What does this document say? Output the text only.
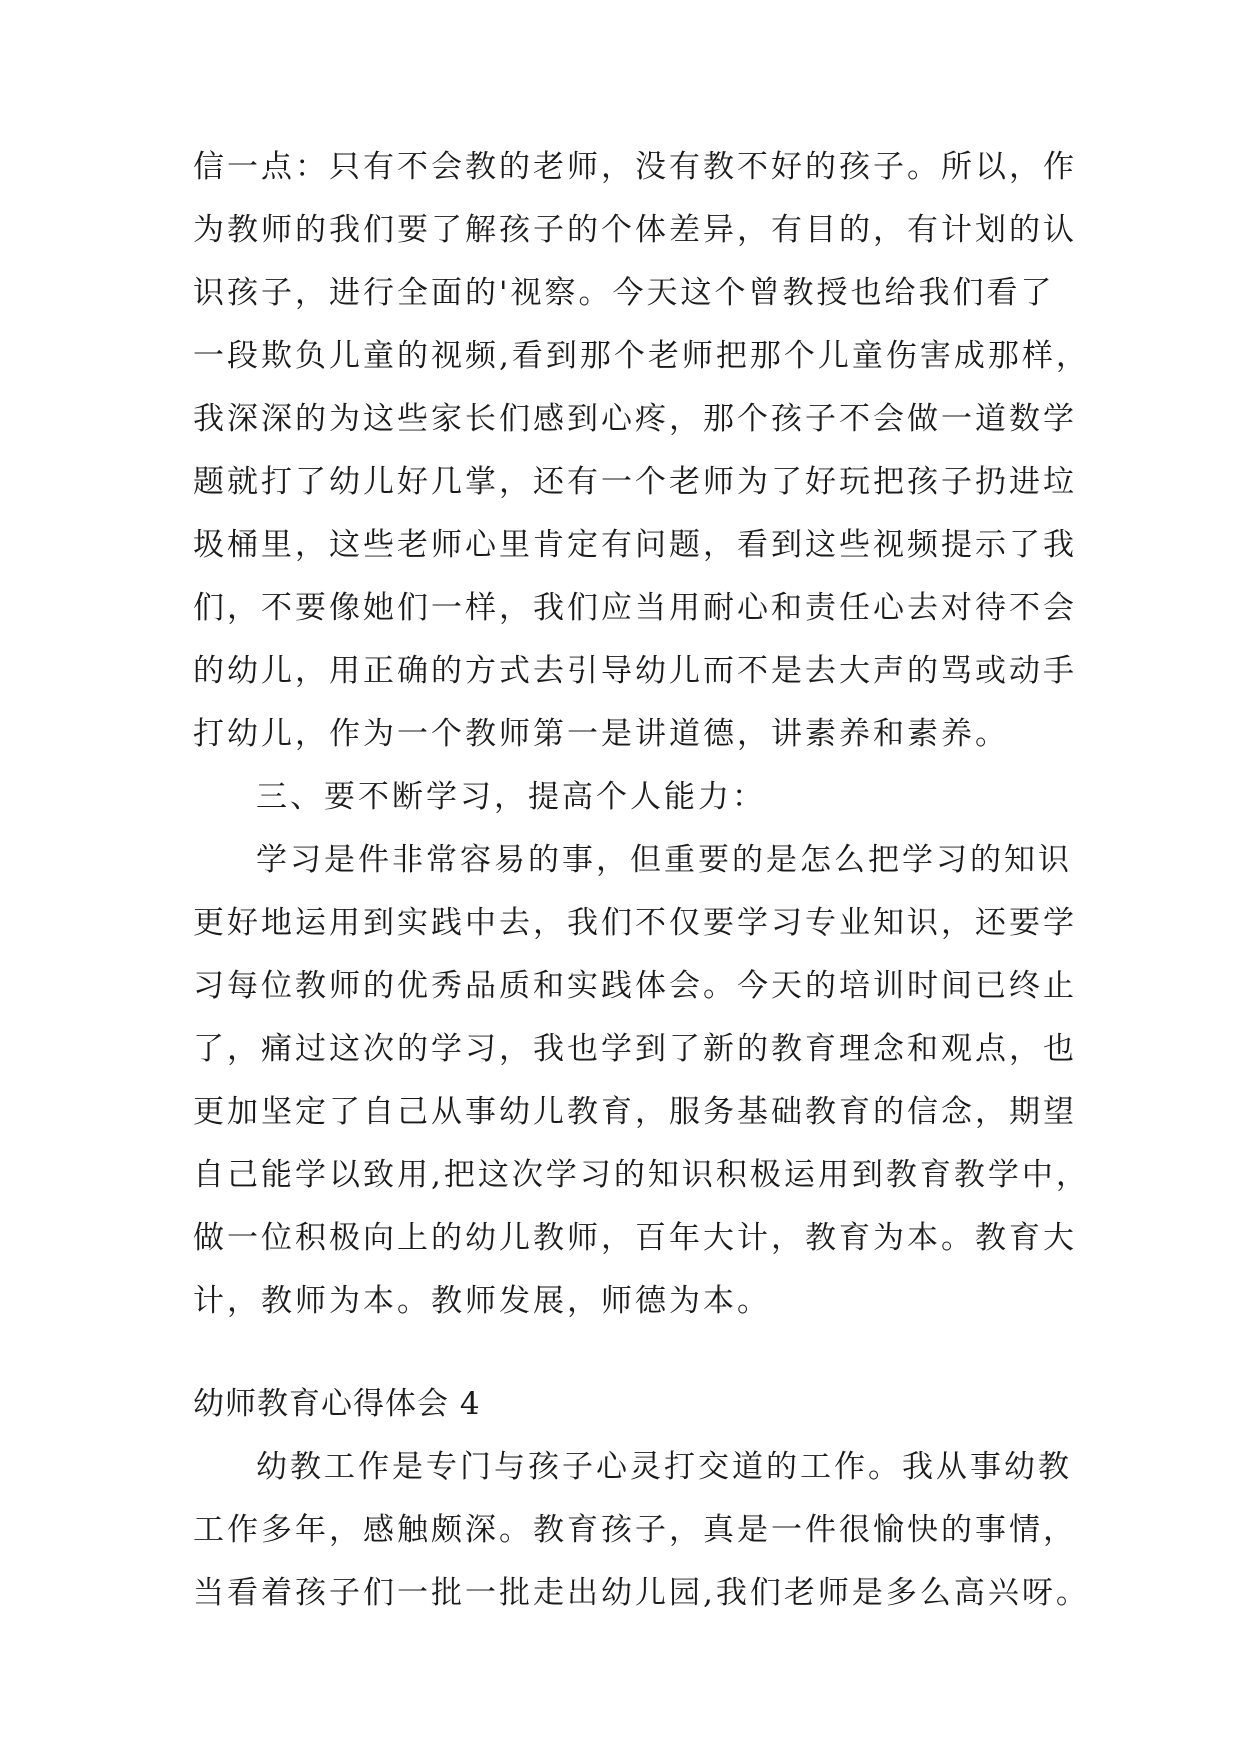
信一点：只有不会教的老师，没有教不好的孩子。所以，作
为教师的我们要了解孩子的个体差异，有目的，有计划的认
识孩子，进行全面的'视察。今天这个曾教授也给我们看了
一段欺负儿童的视频,看到那个老师把那个儿童伤害成那样，
我深深的为这些家长们感到心疼，那个孩子不会做一道数学
题就打了幼儿好几掌，还有一个老师为了好玩把孩子扔进垃
圾桶里，这些老师心里肯定有问题，看到这些视频提示了我
们，不要像她们一样，我们应当用耐心和责任心去对待不会
的幼儿，用正确的方式去引导幼儿而不是去大声的骂或动手
打幼儿，作为一个教师第一是讲道德，讲素养和素养。
三、要不断学习，提高个人能力：
学习是件非常容易的事，但重要的是怎么把学习的知识
更好地运用到实践中去，我们不仅要学习专业知识，还要学
习每位教师的优秀品质和实践体会。今天的培训时间已终止
了，痛过这次的学习，我也学到了新的教育理念和观点，也
更加坚定了自己从事幼儿教育，服务基础教育的信念，期望
自己能学以致用,把这次学习的知识积极运用到教育教学中，
做一位积极向上的幼儿教师，百年大计，教育为本。教育大
计，教师为本。教师发展，师德为本。
幼师教育心得体会 4
幼教工作是专门与孩子心灵打交道的工作。我从事幼教
工作多年，感触颇深。教育孩子，真是一件很愉快的事情，
当看着孩子们一批一批走出幼儿园,我们老师是多么高兴呀。
